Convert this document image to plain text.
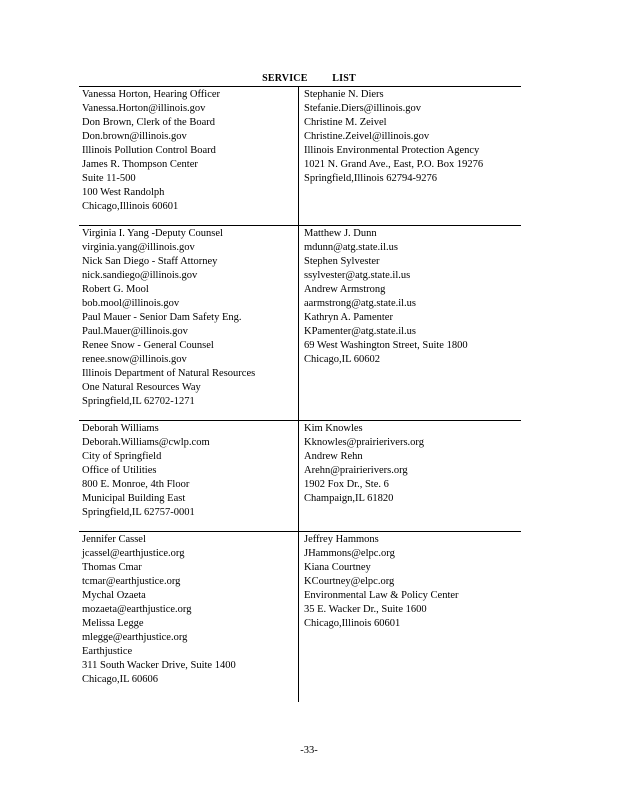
SERVICE LIST
Vanessa Horton, Hearing Officer
Vanessa.Horton@illinois.gov
Don Brown, Clerk of the Board
Don.brown@illinois.gov
Illinois Pollution Control Board
James R. Thompson Center
Suite 11-500
100 West Randolph
Chicago,Illinois 60601
Stephanie N. Diers
Stefanie.Diers@illinois.gov
Christine M. Zeivel
Christine.Zeivel@illinois.gov
Illinois Environmental Protection Agency
1021 N. Grand Ave., East, P.O. Box 19276
Springfield,Illinois 62794-9276
Virginia I. Yang -Deputy Counsel
virginia.yang@illinois.gov
Nick San Diego - Staff Attorney
nick.sandiego@illinois.gov
Robert G. Mool
bob.mool@illinois.gov
Paul Mauer - Senior Dam Safety Eng.
Paul.Mauer@illinois.gov
Renee Snow - General Counsel
renee.snow@illinois.gov
Illinois Department of Natural Resources
One Natural Resources Way
Springfield,IL 62702-1271
Matthew J. Dunn
mdunn@atg.state.il.us
Stephen Sylvester
ssylvester@atg.state.il.us
Andrew Armstrong
aarmstrong@atg.state.il.us
Kathryn A. Pamenter
KPamenter@atg.state.il.us
69 West Washington Street, Suite 1800
Chicago,IL 60602
Deborah Williams
Deborah.Williams@cwlp.com
City of Springfield
Office of Utilities
800 E. Monroe, 4th Floor
Municipal Building East
Springfield,IL 62757-0001
Kim Knowles
Kknowles@prairierivers.org
Andrew Rehn
Arehn@prairierivers.org
1902 Fox Dr., Ste. 6
Champaign,IL 61820
Jennifer Cassel
jcassel@earthjustice.org
Thomas Cmar
tcmar@earthjustice.org
Mychal Ozaeta
mozaeta@earthjustice.org
Melissa Legge
mlegge@earthjustice.org
Earthjustice
311 South Wacker Drive, Suite 1400
Chicago,IL 60606
Jeffrey Hammons
JHammons@elpc.org
Kiana Courtney
KCourtney@elpc.org
Environmental Law & Policy Center
35 E. Wacker Dr., Suite 1600
Chicago,Illinois 60601
-33-
